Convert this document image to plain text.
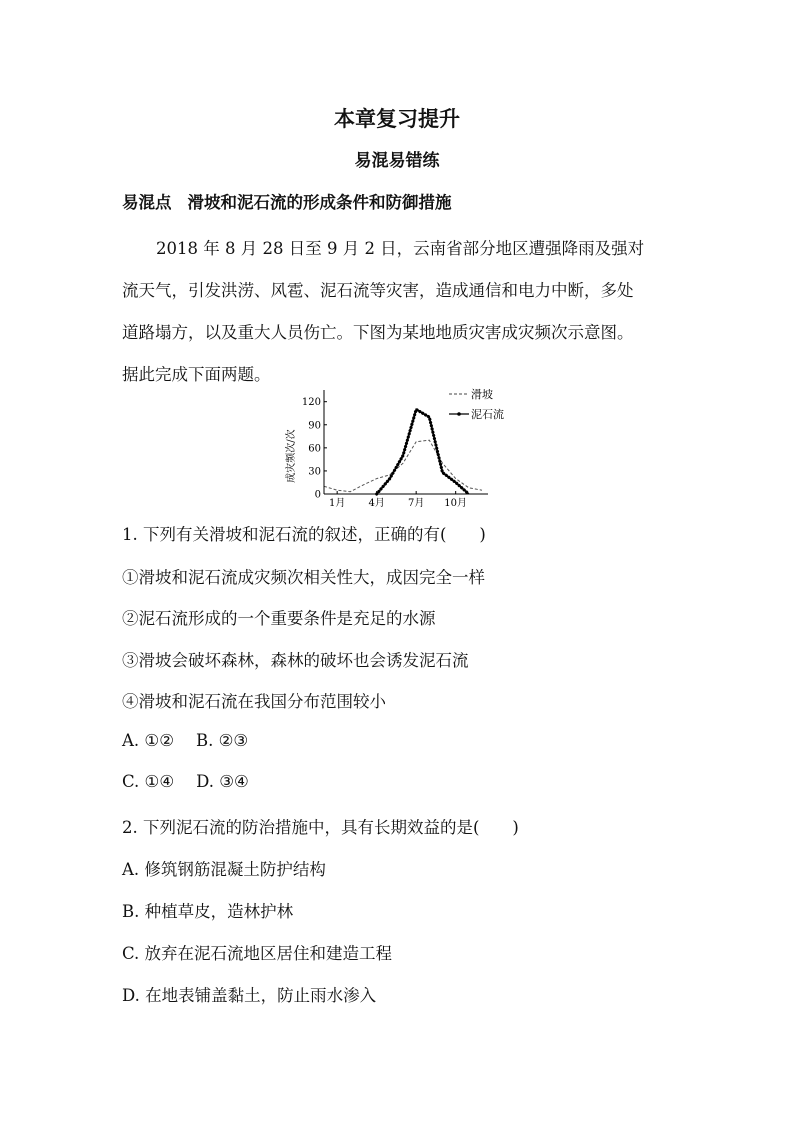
本章复习提升
易混易错练
易混点 滑坡和泥石流的形成条件和防御措施
2018 年 8 月 28 日至 9 月 2 日，云南省部分地区遭强降雨及强对
流天气，引发洪涝、风雹、泥石流等灾害，造成通信和电力中断，多处
道路塌方，以及重大人员伤亡。下图为某地地质灾害成灾频次示意图。
据此完成下面两题。
成灾频次/次
0
30
60
90
120
1月 4月 7月 10月
滑坡
泥石流
1. 下列有关滑坡和泥石流的叙述，正确的有(　　)
①滑坡和泥石流成灾频次相关性大，成因完全一样
②泥石流形成的一个重要条件是充足的水源
③滑坡会破坏森林，森林的破坏也会诱发泥石流
④滑坡和泥石流在我国分布范围较小
A. ①② B. ②③
C. ①④ D. ③④
2. 下列泥石流的防治措施中，具有长期效益的是(　　)
A. 修筑钢筋混凝土防护结构
B. 种植草皮，造林护林
C. 放弃在泥石流地区居住和建造工程
D. 在地表铺盖黏土，防止雨水渗入
